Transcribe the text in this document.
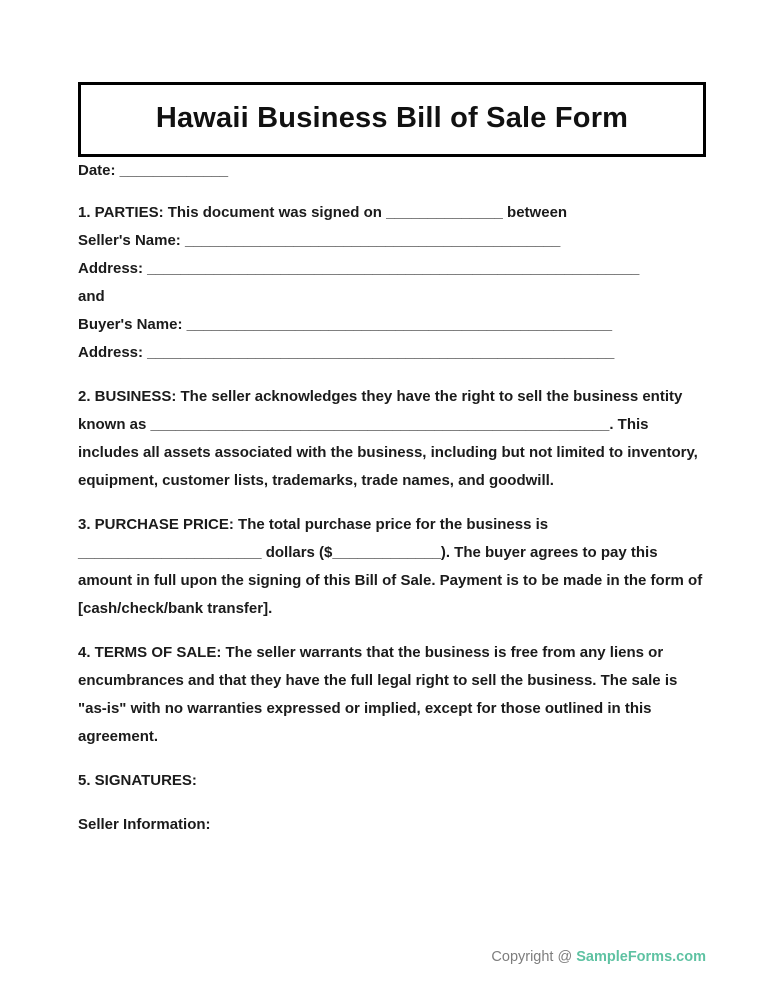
Hawaii Business Bill of Sale Form

Date: _____________

1. PARTIES: This document was signed on ______________ between

Seller's Name: _____________________________________________

Address: ___________________________________________________________

and

Buyer's Name: ___________________________________________________

Address: ________________________________________________________

2. BUSINESS: The seller acknowledges they have the right to sell the business entity known as _______________________________________________________. This includes all assets associated with the business, including but not limited to inventory, equipment, customer lists, trademarks, trade names, and goodwill.

3. PURCHASE PRICE: The total purchase price for the business is ______________________ dollars ($_____________). The buyer agrees to pay this amount in full upon the signing of this Bill of Sale. Payment is to be made in the form of [cash/check/bank transfer].

4. TERMS OF SALE: The seller warrants that the business is free from any liens or encumbrances and that they have the full legal right to sell the business. The sale is "as-is" with no warranties expressed or implied, except for those outlined in this agreement.

5. SIGNATURES:

Seller Information:

Copyright @ SampleForms.com
